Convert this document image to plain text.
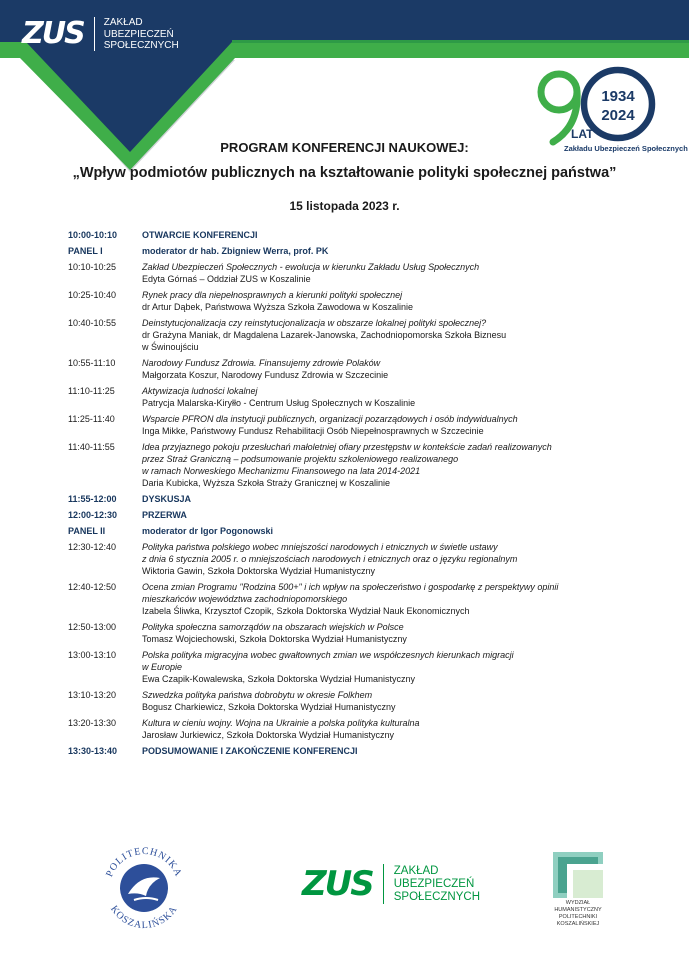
ZUS ZAKŁAD
UBEZPIECZEŃ
SPOŁECZNYCH
1934
2024
LAT
Zakładu Ubezpieczeń Społecznych
PROGRAM KONFERENCJI NAUKOWEJ:
„Wpływ podmiotów publicznych na kształtowanie polityki społecznej państwa”
15 listopada 2023 r.
10:00-10:10	OTWARCIE KONFERENCJI
PANEL I	moderator dr hab. Zbigniew Werra, prof. PK
10:10-10:25	Zakład Ubezpieczeń Społecznych - ewolucja w kierunku Zakładu Usług Społecznych
Edyta Górnaś – Oddział ZUS w Koszalinie
10:25-10:40	Rynek pracy dla niepełnosprawnych a kierunki polityki społecznej
dr Artur Dąbek, Państwowa Wyższa Szkoła Zawodowa w Koszalinie
10:40-10:55	Deinstytucjonalizacja czy reinstytucjonalizacja w obszarze lokalnej polityki społecznej?
dr Grażyna Maniak, dr Magdalena Lazarek-Janowska, Zachodniopomorska Szkoła Biznesu
w Świnoujściu
10:55-11:10	Narodowy Fundusz Zdrowia. Finansujemy zdrowie Polaków
Małgorzata Koszur, Narodowy Fundusz Zdrowia w Szczecinie
11:10-11:25	Aktywizacja ludności lokalnej
Patrycja Malarska-Kiryłło - Centrum Usług Społecznych w Koszalinie
11:25-11:40	Wsparcie PFRON dla instytucji publicznych, organizacji pozarządowych i osób indywidualnych
Inga Mikke, Państwowy Fundusz Rehabilitacji Osób Niepełnosprawnych w Szczecinie
11:40-11:55	Idea przyjaznego pokoju przesłuchań małoletniej ofiary przestępstw w kontekście zadań realizowanych
przez Straż Graniczną – podsumowanie projektu szkoleniowego realizowanego
w ramach Norweskiego Mechanizmu Finansowego na lata 2014-2021
Daria Kubicka, Wyższa Szkoła Straży Granicznej w Koszalinie
11:55-12:00	DYSKUSJA
12:00-12:30	PRZERWA
PANEL II	moderator dr Igor Pogonowski
12:30-12:40	Polityka państwa polskiego wobec mniejszości narodowych i etnicznych w świetle ustawy
z dnia 6 stycznia 2005 r. o mniejszościach narodowych i etnicznych oraz o języku regionalnym
Wiktoria Gawin, Szkoła Doktorska Wydział Humanistyczny
12:40-12:50	Ocena zmian Programu "Rodzina 500+" i ich wpływ na społeczeństwo i gospodarkę z perspektywy opinii
mieszkańców województwa zachodniopomorskiego
Izabela Śliwka, Krzysztof Czopik, Szkoła Doktorska Wydział Nauk Ekonomicznych
12:50-13:00	Polityka społeczna samorządów na obszarach wiejskich w Polsce
Tomasz Wojciechowski, Szkoła Doktorska Wydział Humanistyczny
13:00-13:10	Polska polityka migracyjna wobec gwałtownych zmian we współczesnych kierunkach migracji
w Europie
Ewa Czapik-Kowalewska, Szkoła Doktorska Wydział Humanistyczny
13:10-13:20	Szwedzka polityka państwa dobrobytu w okresie Folkhem
Bogusz Charkiewicz, Szkoła Doktorska Wydział Humanistyczny
13:20-13:30	Kultura w cieniu wojny. Wojna na Ukrainie a polska polityka kulturalna
Jarosław Jurkiewicz, Szkoła Doktorska Wydział Humanistyczny
13:30-13:40	PODSUMOWANIE I ZAKOŃCZENIE KONFERENCJI
POLITECHNIKA
KOSZALIŃSKA
ZUS ZAKŁAD
UBEZPIECZEŃ
SPOŁECZNYCH
WYDZIAŁ
HUMANISTYCZNY
POLITECHNIKI
KOSZALIŃSKIEJ
